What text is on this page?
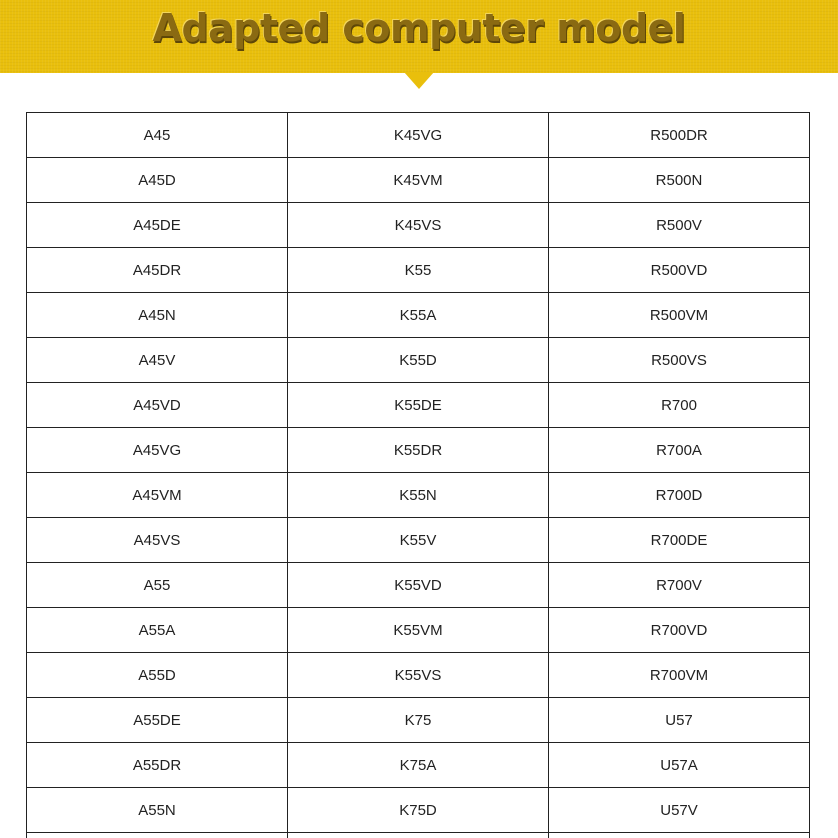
Adapted computer model
A45	K45VG	R500DR
A45D	K45VM	R500N
A45DE	K45VS	R500V
A45DR	K55	R500VD
A45N	K55A	R500VM
A45V	K55D	R500VS
A45VD	K55DE	R700
A45VG	K55DR	R700A
A45VM	K55N	R700D
A45VS	K55V	R700DE
A55	K55VD	R700V
A55A	K55VM	R700VD
A55D	K55VS	R700VM
A55DE	K75	U57
A55DR	K75A	U57A
A55N	K75D	U57V
